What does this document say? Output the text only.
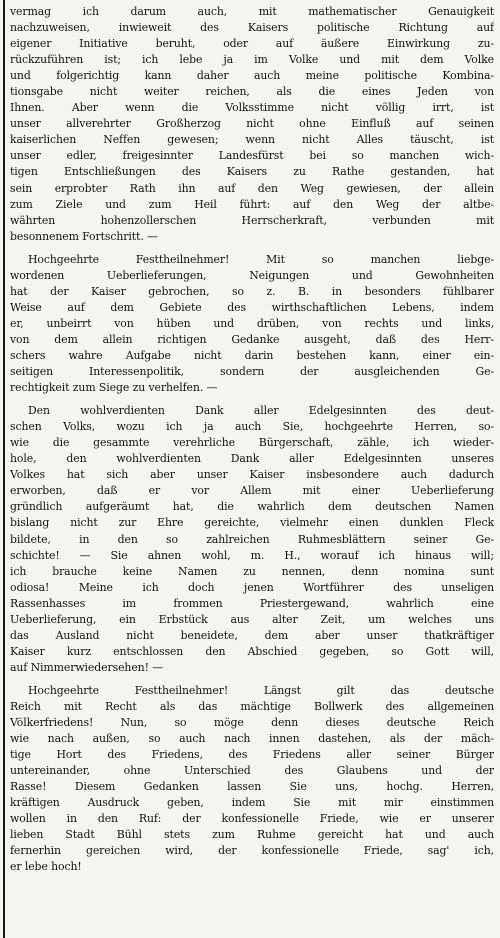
vermag ich darum auch, mit mathematischer Genauigkeit
nachzuweisen, inwieweit des Kaisers politische Richtung auf
eigener Initiative beruht, oder auf äußere Einwirkung zu-
rückzuführen ist; ich lebe ja im Volke und mit dem Volke
und folgerichtig kann daher auch meine politische Kombina-
tionsgabe nicht weiter reichen, als die eines Jeden von
Ihnen. Aber wenn die Volksstimme nicht völlig irrt, ist
unser allverehrter Großherzog nicht ohne Einfluß auf seinen
kaiserlichen Neffen gewesen; wenn nicht Alles täuscht, ist
unser edler, freigesinnter Landesfürst bei so manchen wich-
tigen Entschließungen des Kaisers zu Rathe gestanden, hat
sein erprobter Rath ihn auf den Weg gewiesen, der allein
zum Ziele und zum Heil führt: auf den Weg der altbe-
währten hohenzollerschen Herrscherkraft, verbunden mit
besonnenem Fortschritt. —
Hochgeehrte Festtheilnehmer! Mit so manchen liebge-
wordenen Ueberlieferungen, Neigungen und Gewohnheiten
hat der Kaiser gebrochen, so z. B. in besonders fühlbarer
Weise auf dem Gebiete des wirthschaftlichen Lebens, indem
er, unbeirrt von hüben und drüben, von rechts und links,
von dem allein richtigen Gedanke ausgeht, daß des Herr-
schers wahre Aufgabe nicht darin bestehen kann, einer ein-
seitigen Interessenpolitik, sondern der ausgleichenden Ge-
rechtigkeit zum Siege zu verhelfen. —
Den wohlverdienten Dank aller Edelgesinnten des deut-
schen Volks, wozu ich ja auch Sie, hochgeehrte Herren, so-
wie die gesammte verehrliche Bürgerschaft, zähle, ich wieder-
hole, den wohlverdienten Dank aller Edelgesinnten unseres
Volkes hat sich aber unser Kaiser insbesondere auch dadurch
erworben, daß er vor Allem mit einer Ueberlieferung
gründlich aufgeräumt hat, die wahrlich dem deutschen Namen
bislang nicht zur Ehre gereichte, vielmehr einen dunklen Fleck
bildete, in den so zahlreichen Ruhmesblättern seiner Ge-
schichte! — Sie ahnen wohl, m. H., worauf ich hinaus will;
ich brauche keine Namen zu nennen, denn nomina sunt
odiosa! Meine ich doch jenen Wortführer des unseligen
Rassenhasses im frommen Priestergewand, wahrlich eine
Ueberlieferung, ein Erbstück aus alter Zeit, um welches uns
das Ausland nicht beneidete, dem aber unser thatkräftiger
Kaiser kurz entschlossen den Abschied gegeben, so Gott will,
auf Nimmerwiedersehen! —
Hochgeehrte Festtheilnehmer! Längst gilt das deutsche
Reich mit Recht als das mächtige Bollwerk des allgemeinen
Völkerfriedens! Nun, so möge denn dieses deutsche Reich
wie nach außen, so auch nach innen dastehen, als der mäch-
tige Hort des Friedens, des Friedens aller seiner Bürger
untereinander, ohne Unterschied des Glaubens und der
Rasse! Diesem Gedanken lassen Sie uns, hochg. Herren,
kräftigen Ausdruck geben, indem Sie mit mir einstimmen
wollen in den Ruf: der konfessionelle Friede, wie er unserer
lieben Stadt Bühl stets zum Ruhme gereicht hat und auch
fernerhin gereichen wird, der konfessionelle Friede, sag' ich,
er lebe hoch!
